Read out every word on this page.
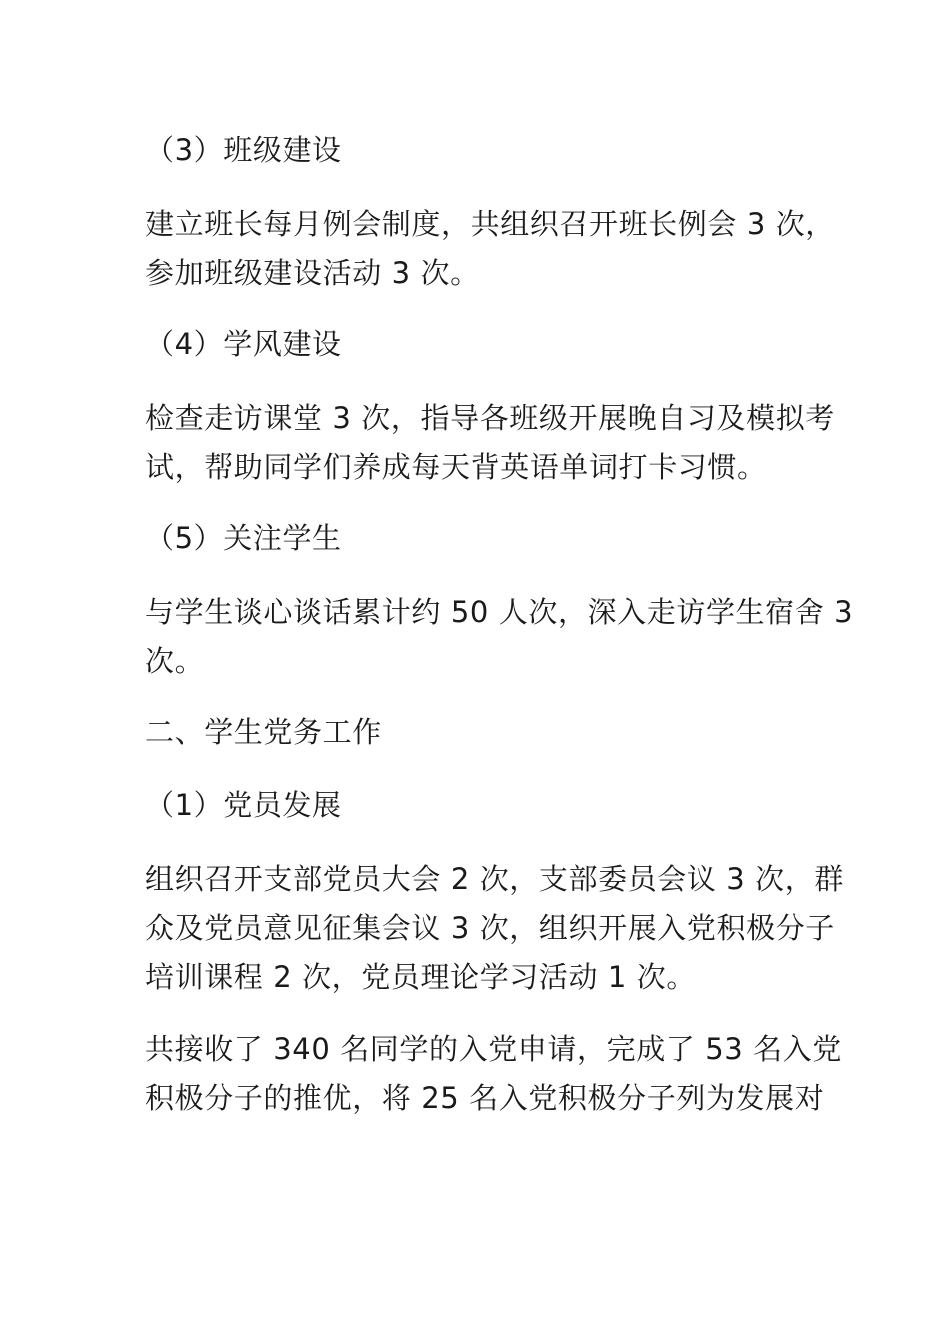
（3）班级建设
建立班长每月例会制度，共组织召开班长例会 3 次，
参加班级建设活动 3 次。
（4）学风建设
检查走访课堂 3 次，指导各班级开展晚自习及模拟考
试，帮助同学们养成每天背英语单词打卡习惯。
（5）关注学生
与学生谈心谈话累计约 50 人次，深入走访学生宿舍 3
次。
二、学生党务工作
（1）党员发展
组织召开支部党员大会 2 次，支部委员会议 3 次，群
众及党员意见征集会议 3 次，组织开展入党积极分子
培训课程 2 次，党员理论学习活动 1 次。
共接收了 340 名同学的入党申请，完成了 53 名入党
积极分子的推优，将 25 名入党积极分子列为发展对
